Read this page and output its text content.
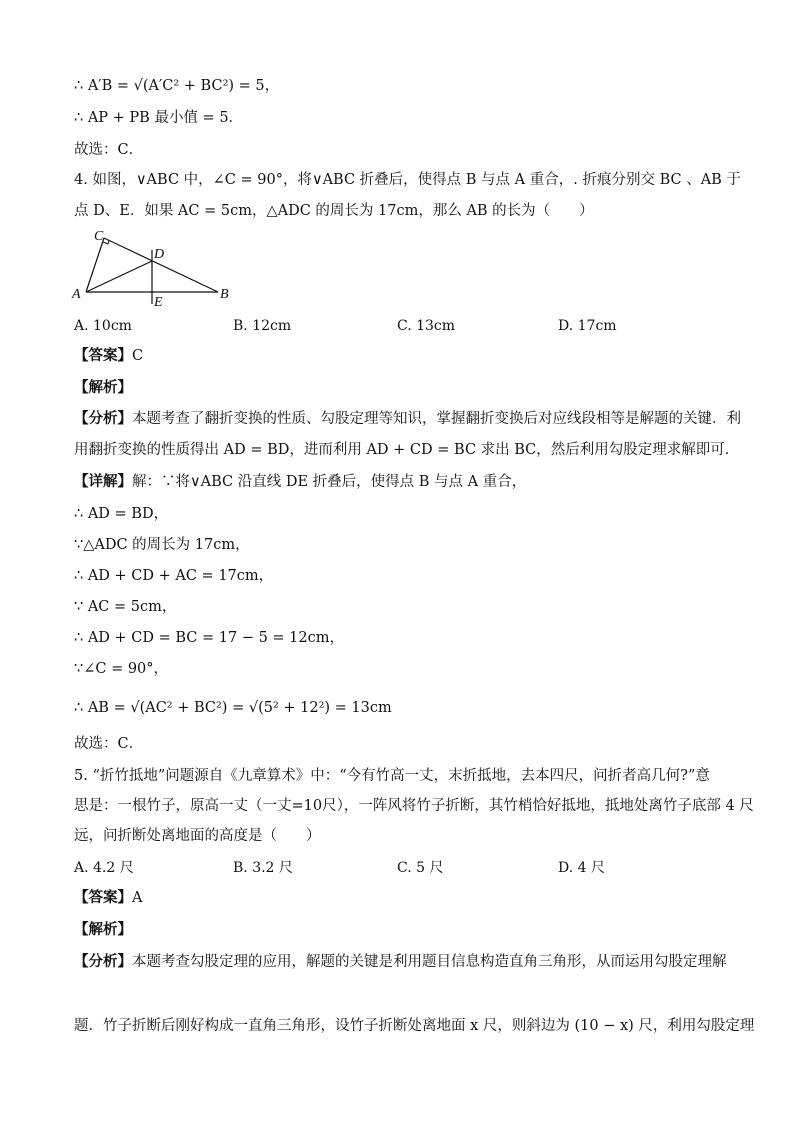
∴ A′B = √(A′C² + BC²) = 5，
∴ AP + PB 最小值 = 5．
故选：C．
4. 如图，∨ABC 中，∠C = 90°，将∨ABC 折叠后，使得点 B 与点 A 重合，. 折痕分别交 BC 、AB 于
点 D、E．如果 AC = 5cm，△ADC 的周长为 17cm，那么 AB 的长为（　　）
C
D
A
E
B
A. 10cm	B. 12cm	C. 13cm	D. 17cm
【答案】C
【解析】
【分析】本题考查了翻折变换的性质、勾股定理等知识，掌握翻折变换后对应线段相等是解题的关键．利
用翻折变换的性质得出 AD = BD，进而利用 AD + CD = BC 求出 BC，然后利用勾股定理求解即可．
【详解】解：∵将∨ABC 沿直线 DE 折叠后，使得点 B 与点 A 重合，
∴ AD = BD，
∵△ADC 的周长为 17cm，
∴ AD + CD + AC = 17cm，
∵ AC = 5cm，
∴ AD + CD = BC = 17 − 5 = 12cm，
∵∠C = 90°，
∴ AB = √(AC² + BC²) = √(5² + 12²) = 13cm
故选：C．
5. “折竹抵地”问题源自《九章算术》中：“今有竹高一丈，末折抵地，去本四尺，问折者高几何?”意
思是：一根竹子，原高一丈（一丈=10尺），一阵风将竹子折断，其竹梢恰好抵地，抵地处离竹子底部 4 尺
远，问折断处离地面的高度是（　　）
A. 4.2 尺	B. 3.2 尺	C. 5 尺	D. 4 尺
【答案】A
【解析】
【分析】本题考查勾股定理的应用，解题的关键是利用题目信息构造直角三角形，从而运用勾股定理解
题．竹子折断后刚好构成一直角三角形，设竹子折断处离地面 x 尺，则斜边为 (10 − x) 尺，利用勾股定理
